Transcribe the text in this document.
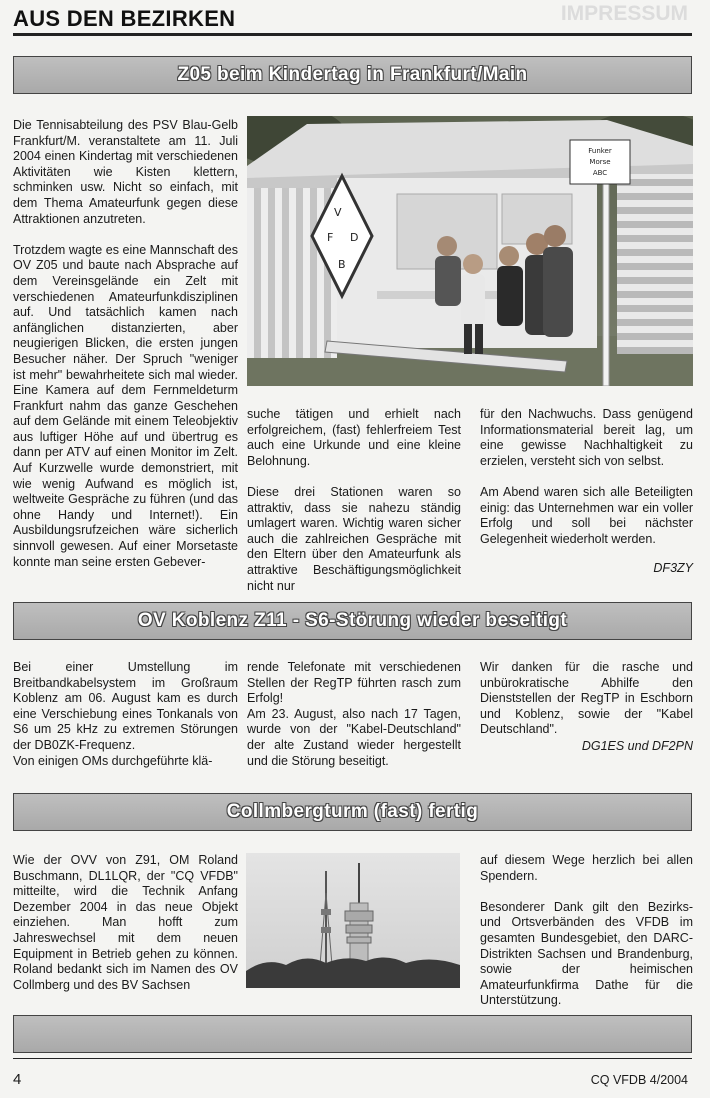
IMPRESSUM
AUS DEN BEZIRKEN
Z05 beim Kindertag in Frankfurt/Main

Die Tennisabteilung des PSV Blau-Gelb Frankfurt/M. veranstaltete am 11. Juli 2004 einen Kindertag mit verschiedenen Aktivitäten wie Kisten klettern, schminken usw. Nicht so einfach, mit dem Thema Amateurfunk gegen diese Attraktionen anzutreten.

Trotzdem wagte es eine Mannschaft des OV Z05 und baute nach Absprache auf dem Vereinsgelände ein Zelt mit verschiedenen Amateurfunkdisziplinen auf. Und tatsächlich kamen nach anfänglichen distanzierten, aber neugierigen Blicken, die ersten jungen Besucher näher. Der Spruch "weniger ist mehr" bewahrheitete sich mal wieder. Eine Kamera auf dem Fernmeldeturm Frankfurt nahm das ganze Geschehen auf dem Gelände mit einem Teleobjektiv aus luftiger Höhe auf und übertrug es dann per ATV auf einen Monitor im Zelt. Auf Kurzwelle wurde demonstriert, mit wie wenig Aufwand es möglich ist, weltweite Gespräche zu führen (und das ohne Handy und Internet!). Ein Ausbildungsrufzeichen wäre sicherlich sinnvoll gewesen. Auf einer Morsetaste konnte man seine ersten Gebever-

V
F D
B
Funker
Morse
ABC

suche tätigen und erhielt nach erfolgreichem, (fast) fehlerfreiem Test auch eine Urkunde und eine kleine Belohnung.

Diese drei Stationen waren so attraktiv, dass sie nahezu ständig umlagert waren. Wichtig waren sicher auch die zahlreichen Gespräche mit den Eltern über den Amateurfunk als attraktive Beschäftigungsmöglichkeit nicht nur

für den Nachwuchs. Dass genügend Informationsmaterial bereit lag, um eine gewisse Nachhaltigkeit zu erzielen, versteht sich von selbst.

Am Abend waren sich alle Beteiligten einig: das Unternehmen war ein voller Erfolg und soll bei nächster Gelegenheit wiederholt werden.

DF3ZY
OV Koblenz Z11 - S6-Störung wieder beseitigt
Bei einer Umstellung im Breitbandkabelsystem im Großraum Koblenz am 06. August kam es durch eine Verschiebung eines Tonkanals von S6 um 25 kHz zu extremen Störungen der DB0ZK-Frequenz.
Von einigen OMs durchgeführte klä-
rende Telefonate mit verschiedenen Stellen der RegTP führten rasch zum Erfolg!
Am 23. August, also nach 17 Tagen, wurde von der "Kabel-Deutschland" der alte Zustand wieder hergestellt und die Störung beseitigt.
Wir danken für die rasche und unbürokratische Abhilfe den Dienststellen der RegTP in Eschborn und Koblenz, sowie der "Kabel Deutschland".
DG1ES und DF2PN
Collmbergturm (fast) fertig
Wie der OVV von Z91, OM Roland Buschmann, DL1LQR, der "CQ VFDB" mitteilte, wird die Technik Anfang Dezember 2004 in das neue Objekt einziehen. Man hofft zum Jahreswechsel mit dem neuen Equipment in Betrieb gehen zu können. Roland bedankt sich im Namen des OV Collmberg und des BV Sachsen

auf diesem Wege herzlich bei allen Spendern.

Besonderer Dank gilt den Bezirks- und Ortsverbänden des VFDB im gesamten Bundesgebiet, den DARC-Distrikten Sachsen und Brandenburg, sowie der heimischen Amateurfunkfirma Dathe für die Unterstützung.

4	CQ VFDB 4/2004
